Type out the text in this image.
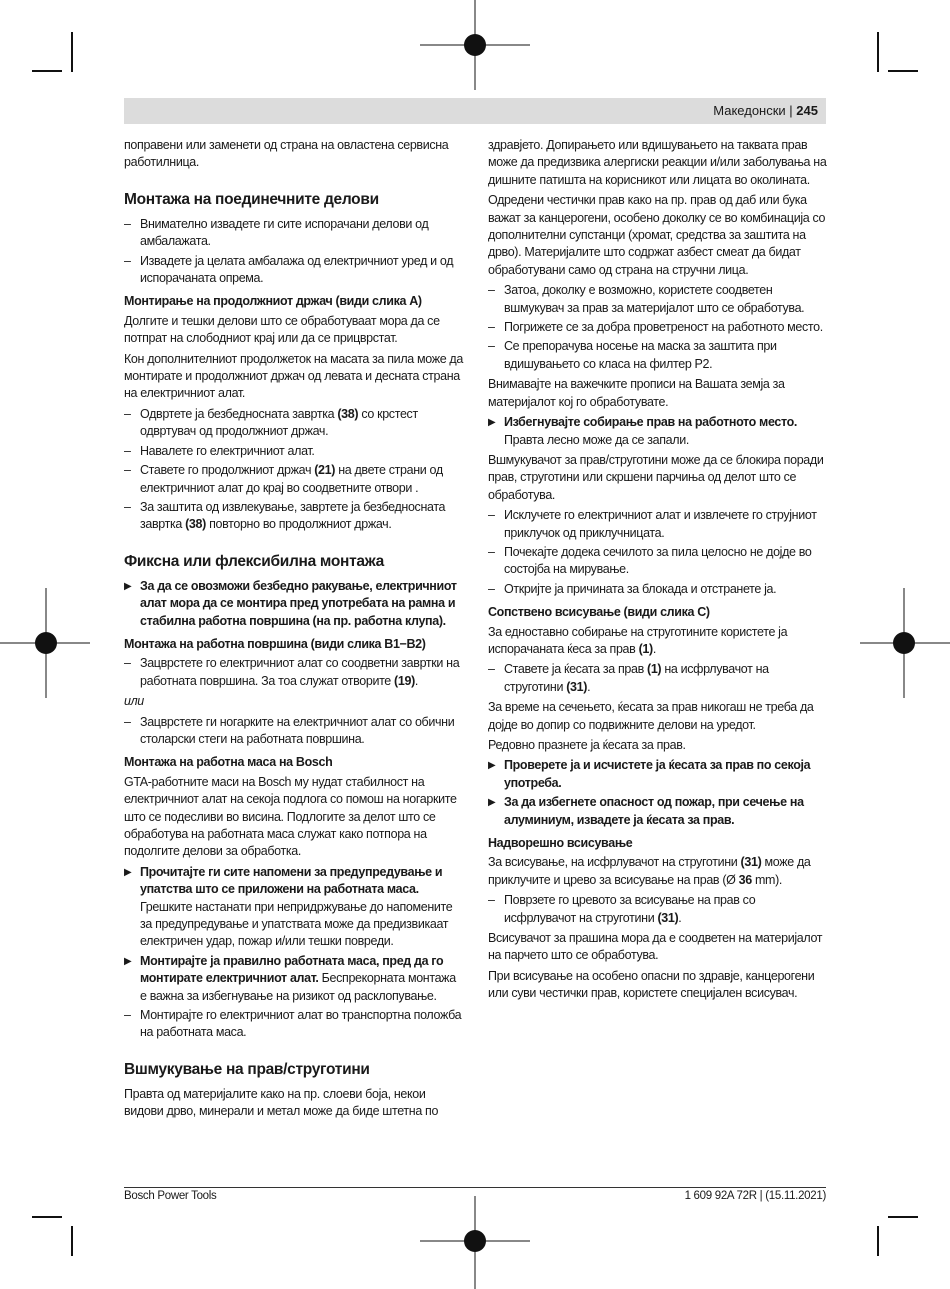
Македонски | 245

поправени или заменети од страна на овластена сервисна работилница.

Монтажа на поединечните делови
– Внимателно извадете ги сите испорачани делови од амбалажата.
– Извадете ја целата амбалажа од електричниот уред и од испорачаната опрема.
Монтирање на продолжниот држач (види слика A)

Долгите и тешки делови што се обработуваат мора да се потпрат на слободниот крај или да се прицврстат.

Кон дополнителниот продолжеток на масата за пила може да монтирате и продолжниот држач од левата и десната страна на електричниот алат.

– Одвртете ја безбедносната завртка (38) со крстест одвртувач од продолжниот држач.
– Навалете го електричниот алат.
– Ставете го продолжниот држач (21) на двете страни од електричниот алат до крај во соодветните отвори .
– За заштита од извлекување, завртете ја безбедносната завртка (38) повторно во продолжниот држач.
Фиксна или флексибилна монтажа
▶ За да се овозможи безбедно ракување, електричниот алат мора да се монтира пред употребата на рамна и стабилна работна површина (на пр. работна клупа).
Монтажа на работна површина (види слика B1−B2)
– Зацврстете го електричниот алат со соодветни завртки на работната површина. За тоа служат отворите (19).

или

– Зацврстете ги ногарките на електричниот алат со обични столарски стеги на работната површина.
Монтажа на работна маса на Bosch

GTA-работните маси на Bosch му нудат стабилност на електричниот алат на секоја подлога со помош на ногарките што се подесливи во висина. Подлогите за делот што се обработува на работната маса служат како потпора на подолгите делови за обработка.

▶ Прочитајте ги сите напомени за предупредување и упатства што се приложени на работната маса. Грешките настанати при непридржување до напомените за предупредување и упатствата може да предизвикаат електричен удар, пожар и/или тешки повреди.
▶ Монтирајте ја правилно работната маса, пред да го монтирате електричниот алат. Беспрекорната монтажа е важна за избегнување на ризикот од расклопување.
– Монтирајте го електричниот алат во транспортна положба на работната маса.
Вшмукување на прав/струготини

Правта од материјалите како на пр. слоеви боја, некои видови дрво, минерали и метал може да биде штетна по

здравјето. Допирањето или вдишувањето на таквата прав може да предизвика алергиски реакции и/или заболувања на дишните патишта на корисникот или лицата во околината.

Одредени честички прав како на пр. прав од даб или бука важат за канцерогени, особено доколку се во комбинација со дополнителни супстанци (хромат, средства за заштита на дрво). Материјалите што содржат азбест смеат да бидат обработувани само од страна на стручни лица.

– Затоа, доколку е возможно, користете соодветен вшмукувач за прав за материјалот што се обработува.
– Погрижете се за добра проветреност на работното место.
– Се препорачува носење на маска за заштита при вдишувањето со класа на филтер P2.

Внимавајте на важечките прописи на Вашата земја за материјалот кој го обработувате.

▶ Избегнувајте собирање прав на работното место. Правта лесно може да се запали.

Вшмукувачот за прав/струготини може да се блокира поради прав, струготини или скршени парчиња од делот што се обработува.

– Исклучете го електричниот алат и извлечете го струјниот приклучок од приклучницата.
– Почекајте додека сечилото за пила целосно не дојде во состојба на мирување.
– Откријте ја причината за блокада и отстранете ја.
Сопствено всисување (види слика C)

За едноставно собирање на струготините користете ја испорачаната ќеса за прав (1).

– Ставете ја ќесата за прав (1) на исфрлувачот на струготини (31).

За време на сечењето, ќесата за прав никогаш не треба да дојде во допир со подвижните делови на уредот.

Редовно празнете ја ќесата за прав.

▶ Проверете ја и исчистете ја ќесата за прав по секоја употреба.
▶ За да избегнете опасност од пожар, при сечење на алуминиум, извадете ја ќесата за прав.
Надворешно всисување

За всисување, на исфрлувачот на струготини (31) може да приклучите и црево за всисување на прав (Ø 36 mm).

– Поврзете го цревото за всисување на прав со исфрлувачот на струготини (31).

Всисувачот за прашина мора да е соодветен на материјалот на парчето што се обработува.

При всисување на особено опасни по здравје, канцерогени или суви честички прав, користете специјален всисувач.

Bosch Power Tools	1 609 92A 72R | (15.11.2021)
